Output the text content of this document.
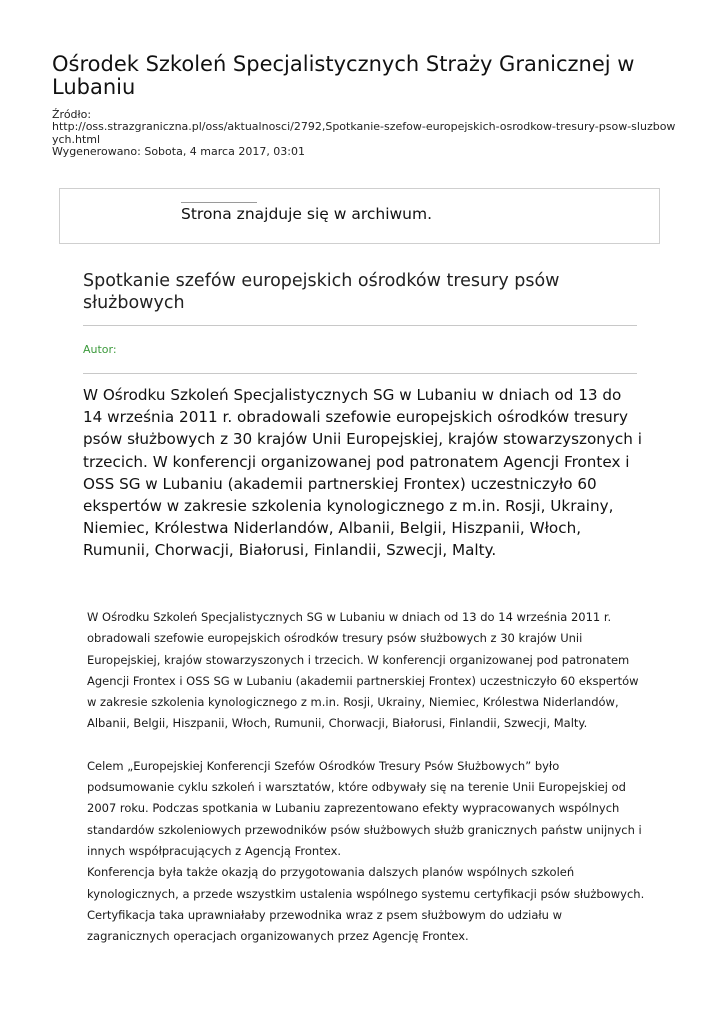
Ośrodek Szkoleń Specjalistycznych Straży Granicznej w Lubaniu
Źródło:
http://oss.strazgraniczna.pl/oss/aktualnosci/2792,Spotkanie-szefow-europejskich-osrodkow-tresury-psow-sluzbowych.html
Wygenerowano: Sobota, 4 marca 2017, 03:01
Strona znajduje się w archiwum.
Spotkanie szefów europejskich ośrodków tresury psów służbowych
Autor:

W Ośrodku Szkoleń Specjalistycznych SG w Lubaniu w dniach od 13 do 14 września 2011 r. obradowali szefowie europejskich ośrodków tresury psów służbowych z 30 krajów Unii Europejskiej, krajów stowarzyszonych i trzecich. W konferencji organizowanej pod patronatem Agencji Frontex i OSS SG w Lubaniu (akademii partnerskiej Frontex) uczestniczyło 60 ekspertów w zakresie szkolenia kynologicznego z m.in. Rosji, Ukrainy, Niemiec, Królestwa Niderlandów, Albanii, Belgii, Hiszpanii, Włoch, Rumunii, Chorwacji, Białorusi, Finlandii, Szwecji, Malty.

W Ośrodku Szkoleń Specjalistycznych SG w Lubaniu w dniach od 13 do 14 września 2011 r. obradowali szefowie europejskich ośrodków tresury psów służbowych z 30 krajów Unii Europejskiej, krajów stowarzyszonych i trzecich. W konferencji organizowanej pod patronatem Agencji Frontex i OSS SG w Lubaniu (akademii partnerskiej Frontex) uczestniczyło 60 ekspertów w zakresie szkolenia kynologicznego z m.in. Rosji, Ukrainy, Niemiec, Królestwa Niderlandów, Albanii, Belgii, Hiszpanii, Włoch, Rumunii, Chorwacji, Białorusi, Finlandii, Szwecji, Malty.

Celem „Europejskiej Konferencji Szefów Ośrodków Tresury Psów Służbowych” było podsumowanie cyklu szkoleń i warsztatów, które odbywały się na terenie Unii Europejskiej od 2007 roku. Podczas spotkania w Lubaniu zaprezentowano efekty wypracowanych wspólnych standardów szkoleniowych przewodników psów służbowych służb granicznych państw unijnych i innych współpracujących z Agencją Frontex.

Konferencja była także okazją do przygotowania dalszych planów wspólnych szkoleń kynologicznych, a przede wszystkim ustalenia wspólnego systemu certyfikacji psów służbowych. Certyfikacja taka uprawniałaby przewodnika wraz z psem służbowym do udziału w zagranicznych operacjach organizowanych przez Agencję Frontex.
